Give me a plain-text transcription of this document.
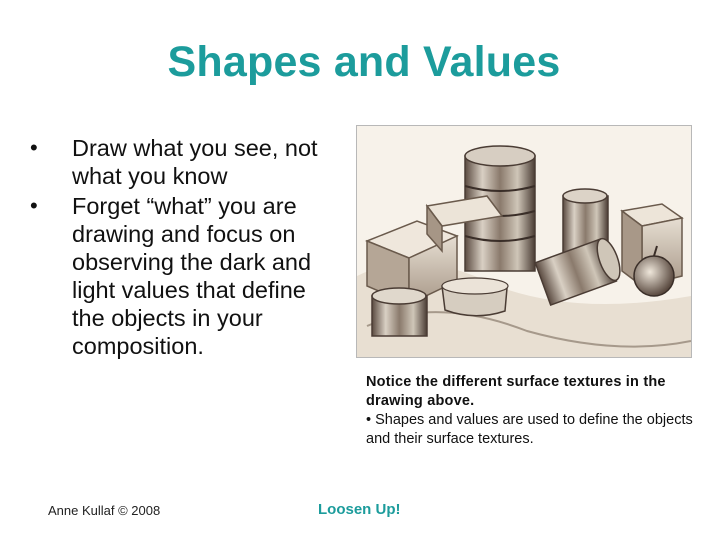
Shapes and Values
• Draw what you see, not what you know
• Forget “what” you are drawing and focus on observing the dark and light values that define the objects in your composition.
Notice the different surface textures in the drawing above.
• Shapes and values are used to define the objects and their surface textures.
Anne Kullaf © 2008	Loosen Up!
